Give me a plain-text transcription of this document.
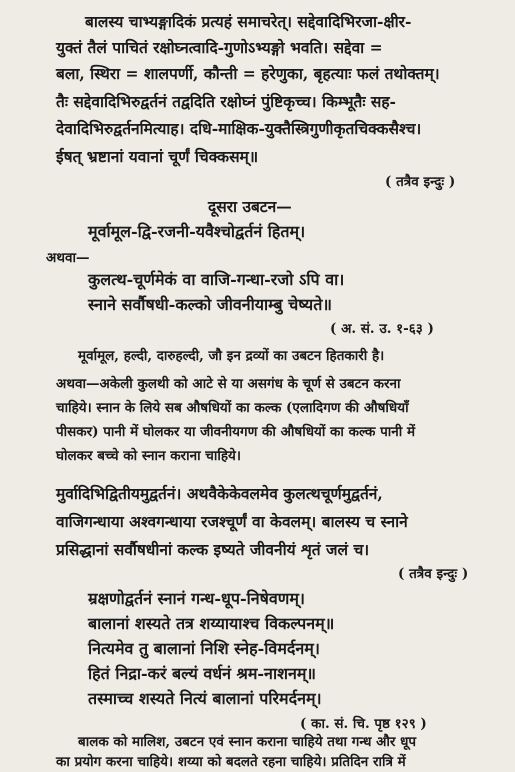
बालस्य चाभ्यङ्गादिकं प्रत्यहं समाचरेत्। सद्देवादिभिरजा-क्षीर-
युक्तं तैलं पाचितं रक्षोघ्नत्वादि-गुणोऽभ्यङ्गो भवति। सद्देवा =
बला, स्थिरा = शालपर्णी, कौन्ती = हरेणुका, बृहत्याः फलं तथोक्तम्।
तैः सद्देवादिभिरुद्वर्तनं तद्वदिति रक्षोघ्नं पुंष्टिकृच्च। किम्भूतैः सह-
देवादिभिरुद्वर्तनमित्याह। दधि-माक्षिक-युक्तैस्त्रिगुणीकृतचिक्कसैश्च।
ईषत् भ्रष्टानां यवानां चूर्णं चिक्कसम्॥
( तत्रैव इन्दुः )
दूसरा उबटन—
मूर्वामूल-द्वि-रजनी-यवैश्चोद्वर्तनं हितम्।
अथवा—
कुलत्थ-चूर्णमेकं वा वाजि-गन्धा-रजो ऽपि वा।
स्नाने सर्वौषधी-कल्को जीवनीयाम्बु चेष्यते॥
( अ. सं. उ. १-६३ )
मूर्वामूल, हल्दी, दारुहल्दी, जौ इन द्रव्यों का उबटन हितकारी है।
अथवा—अकेली कुलथी को आटे से या असगंध के चूर्ण से उबटन करना
चाहिये। स्नान के लिये सब औषधियों का कल्क (एलादिगण की औषधियाँ
पीसकर) पानी में घोलकर या जीवनीयगण की औषधियों का कल्क पानी में
घोलकर बच्चे को स्नान कराना चाहिये।
मुर्वादिभिद्वितीयमुद्वर्तनं। अथवैकेकेवलमेव कुलत्थचूर्णमुद्वर्तनं,
वाजिगन्धाया अश्वगन्धाया रजश्चूर्णं वा केवलम्। बालस्य च स्नाने
प्रसिद्धानां सर्वौषधीनां कल्क इष्यते जीवनीयं शृतं जलं च।
( तत्रैव इन्दुः )
म्रक्षणोद्वर्तनं स्नानं गन्ध-धूप-निषेवणम्।
बालानां शस्यते तत्र शय्यायाश्च विकल्पनम्॥
नित्यमेव तु बालानां निशि स्नेह-विमर्दनम्।
हितं निद्रा-करं बल्यं वर्धनं श्रम-नाशनम्॥
तस्माच्च शस्यते नित्यं बालानां परिमर्दनम्।
( का. सं. चि. पृष्ठ १२९ )
बालक को मालिश, उबटन एवं स्नान कराना चाहिये तथा गन्ध और धूप
का प्रयोग करना चाहिये। शय्या को बदलते रहना चाहिये। प्रतिदिन रात्रि में
